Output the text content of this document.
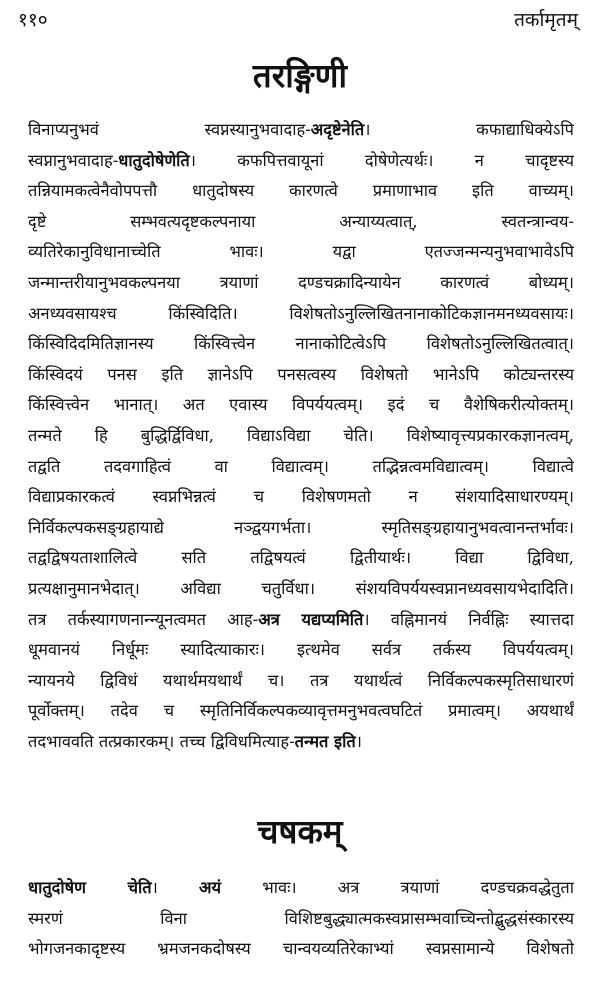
११०	तर्कामृतम्
तरङ्गिणी
विनाप्यनुभवं स्वप्नस्यानुभवादाह-अदृष्टेनेति। कफाद्याधिक्येऽपि
स्वप्नानुभवादाह-धातुदोषेणेति। कफपित्तवायूनां दोषेणेत्यर्थः। न चादृष्टस्य
तन्नियामकत्वेनैवोपपत्तौ धातुदोषस्य कारणत्वे प्रमाणाभाव इति वाच्यम्।
दृष्टे सम्भवत्यदृष्टकल्पनाया अन्याय्यत्वात्, स्वतन्त्रान्वय-
व्यतिरेकानुविधानाच्चेति भावः। यद्वा एतज्जन्मन्यनुभवाभावेऽपि
जन्मान्तरीयानुभवकल्पनया त्रयाणां दण्डचक्रादिन्यायेन कारणत्वं बोध्यम्।
अनध्यवसायश्च किंस्विदिति। विशेषतोऽनुल्लिखितनानाकोटिकज्ञानमनध्यवसायः।
किंस्विदिदमितिज्ञानस्य किंस्वित्त्वेन नानाकोटित्वेऽपि विशेषतोऽनुल्लिखितत्वात्।
किंस्विदयं पनस इति ज्ञानेऽपि पनसत्वस्य विशेषतो भानेऽपि कोट्यन्तरस्य
किंस्वित्त्वेन भानात्। अत एवास्य विपर्ययत्वम्। इदं च वैशेषिकरीत्योक्तम्।
तन्मते हि बुद्धिर्द्विविधा, विद्याऽविद्या चेति। विशेष्यावृत्त्यप्रकारकज्ञानत्वम्,
तद्वति तदवगाहित्वं वा विद्यात्वम्। तद्भिन्नत्वमविद्यात्वम्। विद्यात्वे
विद्याप्रकारकत्वं स्वप्नभिन्नत्वं च विशेषणमतो न संशयादिसाधारण्यम्।
निर्विकल्पकसङ्ग्रहायाद्ये नञ्द्वयगर्भता। स्मृतिसङ्ग्रहायानुभवत्वानन्तर्भावः।
तद्वद्विषयताशालित्वे सति तद्विषयत्वं द्वितीयार्थः। विद्या द्विविधा,
प्रत्यक्षानुमानभेदात्। अविद्या चतुर्विधा। संशयविपर्ययस्वप्नानध्यवसायभेदादिति।
तत्र तर्कस्यागणनान्न्यूनत्वमत आह-अत्र यद्यप्यमिति। वह्निमानयं निर्वह्निः स्यात्तदा
धूमवानयं निर्धूमः स्यादित्याकारः। इत्थमेव सर्वत्र तर्कस्य विपर्ययत्वम्।
न्यायनये द्विविधं यथार्थमयथार्थं च। तत्र यथार्थत्वं निर्विकल्पकस्मृतिसाधारणं
पूर्वोक्तम्। तदेव च स्मृतिनिर्विकल्पकव्यावृत्तमनुभवत्वघटितं प्रमात्वम्। अयथार्थं
तदभाववति तत्प्रकारकम्। तच्च द्विविधमित्याह-तन्मत इति।
चषकम्
धातुदोषेण चेति। अयं भावः। अत्र त्रयाणां दण्डचक्रवद्धेतुता
स्मरणं विना विशिष्टबुद्ध्यात्मकस्वप्नासम्भवाच्चिन्तोद्बुद्धसंस्कारस्य
भोगजनकादृष्टस्य भ्रमजनकदोषस्य चान्वयव्यतिरेकाभ्यां स्वप्नसामान्ये विशेषतो
